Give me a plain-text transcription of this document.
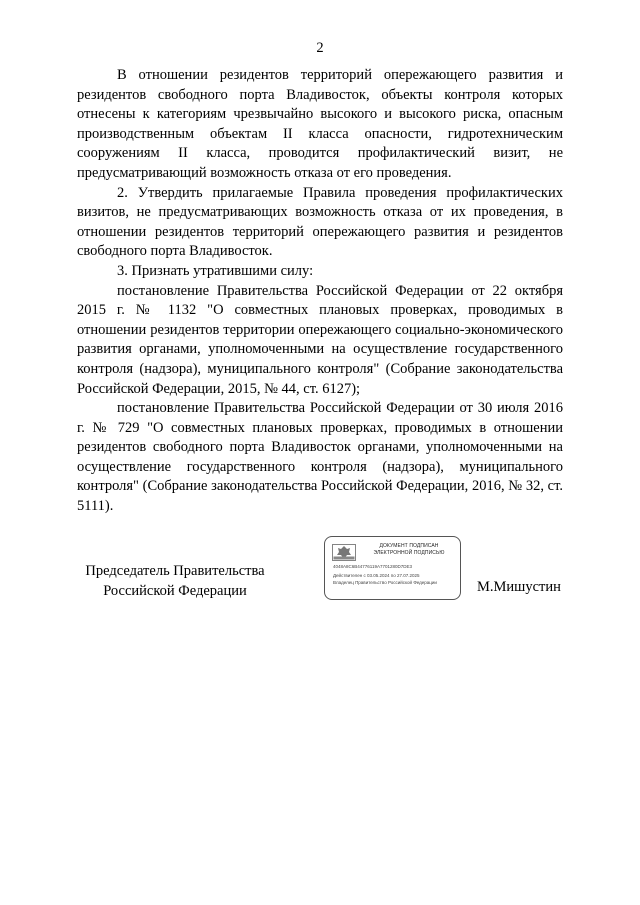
2

В отношении резидентов территорий опережающего развития и резидентов свободного порта Владивосток, объекты контроля которых отнесены к категориям чрезвычайно высокого и высокого риска, опасным производственным объектам II класса опасности, гидротехническим сооружениям II класса, проводится профилактический визит, не предусматривающий возможность отказа от его проведения.

2. Утвердить прилагаемые Правила проведения профилактических визитов, не предусматривающих возможность отказа от их проведения, в отношении резидентов территорий опережающего развития и резидентов свободного порта Владивосток.

3. Признать утратившими силу:

постановление Правительства Российской Федерации от 22 октября 2015 г. № 1132 "О совместных плановых проверках, проводимых в отношении резидентов территории опережающего социально-экономического развития органами, уполномоченными на осуществление государственного контроля (надзора), муниципального контроля" (Собрание законодательства Российской Федерации, 2015, № 44, ст. 6127);

постановление Правительства Российской Федерации от 30 июля 2016 г. № 729 "О совместных плановых проверках, проводимых в отношении резидентов свободного порта Владивосток органами, уполномоченными на осуществление государственного контроля (надзора), муниципального контроля" (Собрание законодательства Российской Федерации, 2016, № 32, ст. 5111).

Председатель Правительства
Российской Федерации
ДОКУМЕНТ ПОДПИСАН
ЭЛЕКТРОННОЙ ПОДПИСЬЮ
4048A8C6B44776119A7701280D7DE3
Действителен с 03.05.2024 по 27.07.2025
Владелец Правительство Российской Федерации	М.Мишустин
